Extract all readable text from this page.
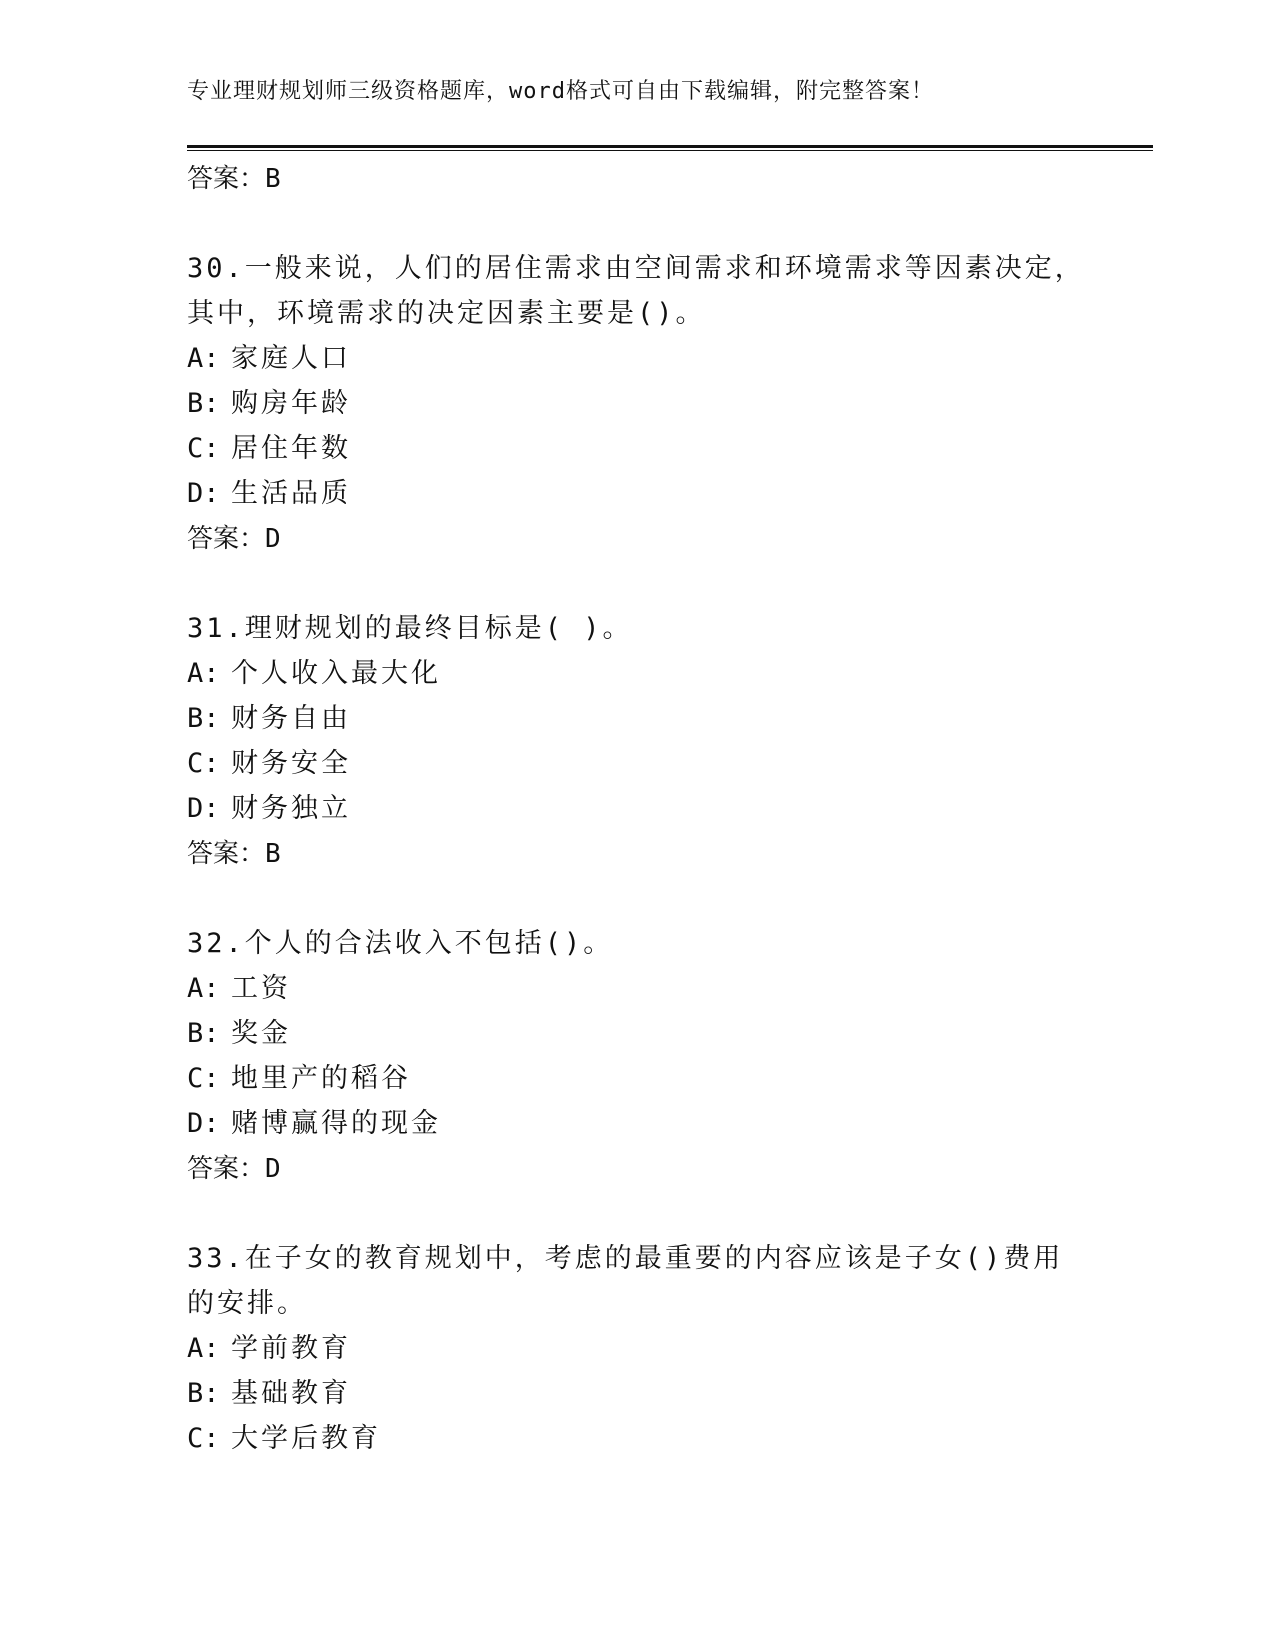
专业理财规划师三级资格题库，word格式可自由下载编辑，附完整答案！
答案：B
30.一般来说，人们的居住需求由空间需求和环境需求等因素决定，其中，环境需求的决定因素主要是()。
A: 家庭人口
B: 购房年龄
C: 居住年数
D: 生活品质
答案：D
31.理财规划的最终目标是( )。
A: 个人收入最大化
B: 财务自由
C: 财务安全
D: 财务独立
答案：B
32.个人的合法收入不包括()。
A: 工资
B: 奖金
C: 地里产的稻谷
D: 赌博赢得的现金
答案：D
33.在子女的教育规划中，考虑的最重要的内容应该是子女()费用的安排。
A: 学前教育
B: 基础教育
C: 大学后教育
